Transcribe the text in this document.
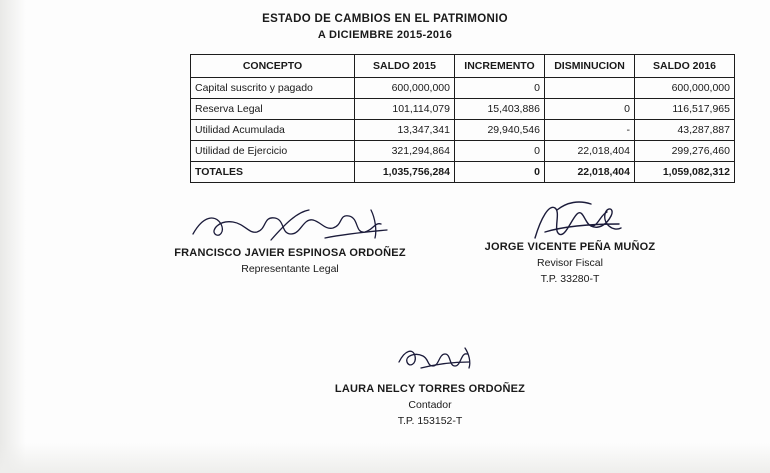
ESTADO DE CAMBIOS EN EL PATRIMONIO
A DICIEMBRE 2015-2016
CONCEPTO	SALDO 2015	INCREMENTO	DISMINUCION	SALDO 2016
Capital suscrito y pagado	600,000,000	0		600,000,000
Reserva Legal	101,114,079	15,403,886	0	116,517,965
Utilidad Acumulada	13,347,341	29,940,546	-	43,287,887
Utilidad de Ejercicio	321,294,864	0	22,018,404	299,276,460
TOTALES	1,035,756,284	0	22,018,404	1,059,082,312
FRANCISCO JAVIER ESPINOSA ORDOÑEZ
Representante Legal
JORGE VICENTE PEÑA MUÑOZ
Revisor Fiscal
T.P. 33280-T
LAURA NELCY TORRES ORDOÑEZ
Contador
T.P. 153152-T
